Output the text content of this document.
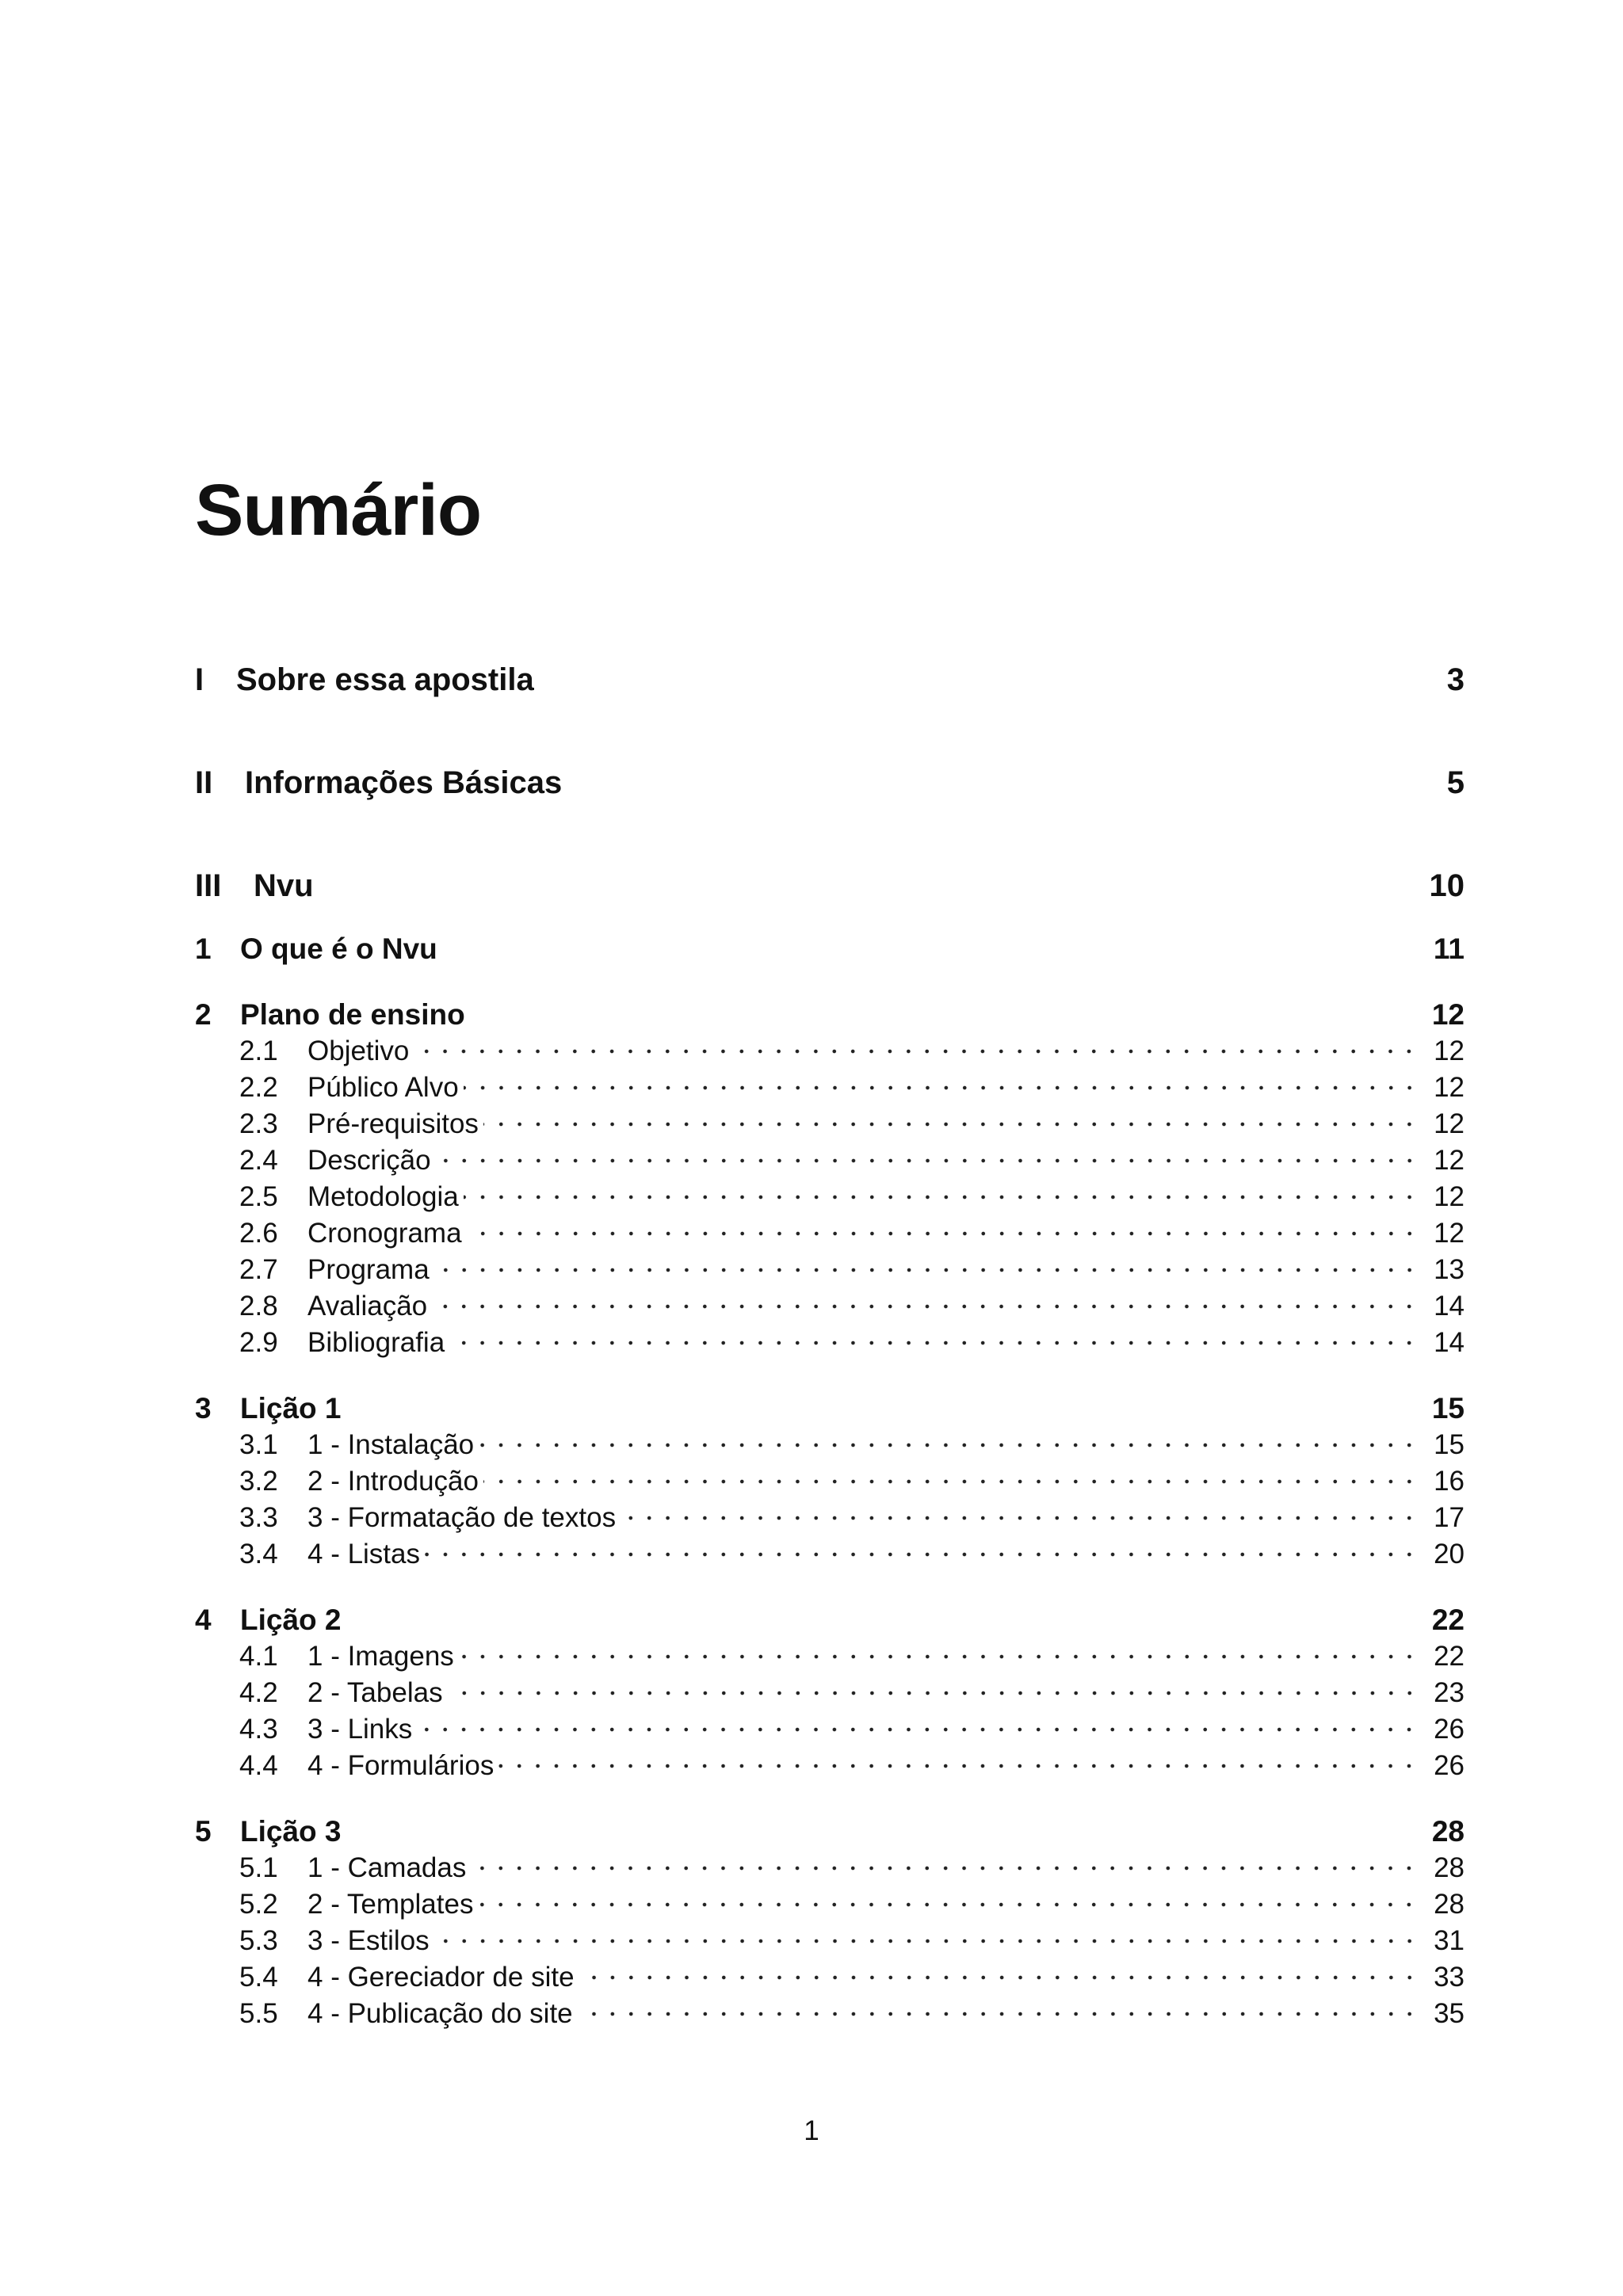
Sumário
I	Sobre essa apostila	3
II	Informações Básicas	5
III	Nvu	10
1 O que é o Nvu	11
2 Plano de ensino	12
2.1	Objetivo	12
2.2	Público Alvo	12
2.3	Pré-requisitos	12
2.4	Descrição	12
2.5	Metodologia	12
2.6	Cronograma	12
2.7	Programa	13
2.8	Avaliação	14
2.9	Bibliografia	14
3 Lição 1	15
3.1	1 - Instalação	15
3.2	2 - Introdução	16
3.3	3 - Formatação de textos	17
3.4	4 - Listas	20
4 Lição 2	22
4.1	1 - Imagens	22
4.2	2 - Tabelas	23
4.3	3 - Links	26
4.4	4 - Formulários	26
5 Lição 3	28
5.1	1 - Camadas	28
5.2	2 - Templates	28
5.3	3 - Estilos	31
5.4	4 - Gereciador de site	33
5.5	4 - Publicação do site	35
1
